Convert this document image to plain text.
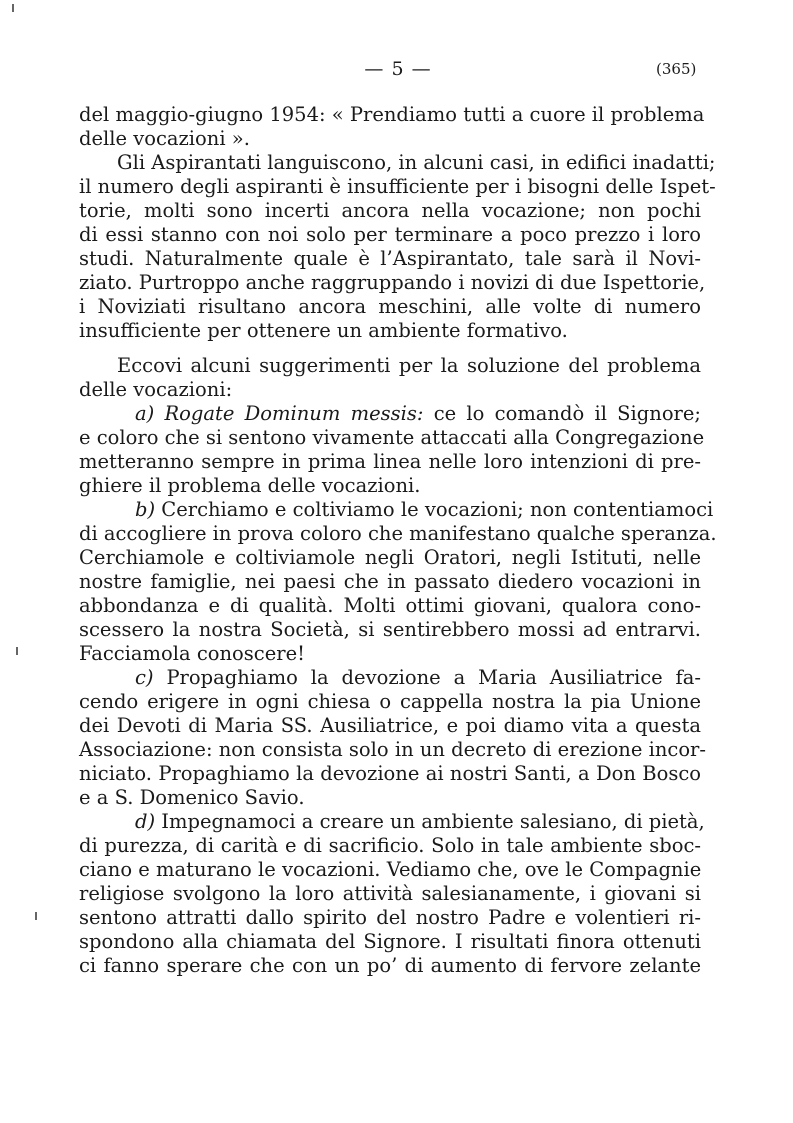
— 5 —	(365)
del maggio-giugno 1954: « Prendiamo tutti a cuore il problema
delle vocazioni ».
Gli Aspirantati languiscono, in alcuni casi, in edifici inadatti;
il numero degli aspiranti è insufficiente per i bisogni delle Ispet-
torie, molti sono incerti ancora nella vocazione; non pochi
di essi stanno con noi solo per terminare a poco prezzo i loro
studi. Naturalmente quale è l’Aspirantato, tale sarà il Novi-
ziato. Purtroppo anche raggruppando i novizi di due Ispettorie,
i Noviziati risultano ancora meschini, alle volte di numero
insufficiente per ottenere un ambiente formativo.
Eccovi alcuni suggerimenti per la soluzione del problema
delle vocazioni:
a) Rogate Dominum messis: ce lo comandò il Signore;
e coloro che si sentono vivamente attaccati alla Congregazione
metteranno sempre in prima linea nelle loro intenzioni di pre-
ghiere il problema delle vocazioni.
b) Cerchiamo e coltiviamo le vocazioni; non contentiamoci
di accogliere in prova coloro che manifestano qualche speranza.
Cerchiamole e coltiviamole negli Oratori, negli Istituti, nelle
nostre famiglie, nei paesi che in passato diedero vocazioni in
abbondanza e di qualità. Molti ottimi giovani, qualora cono-
scessero la nostra Società, si sentirebbero mossi ad entrarvi.
Facciamola conoscere!
c) Propaghiamo la devozione a Maria Ausiliatrice fa-
cendo erigere in ogni chiesa o cappella nostra la pia Unione
dei Devoti di Maria SS. Ausiliatrice, e poi diamo vita a questa
Associazione: non consista solo in un decreto di erezione incor-
niciato. Propaghiamo la devozione ai nostri Santi, a Don Bosco
e a S. Domenico Savio.
d) Impegnamoci a creare un ambiente salesiano, di pietà,
di purezza, di carità e di sacrificio. Solo in tale ambiente sboc-
ciano e maturano le vocazioni. Vediamo che, ove le Compagnie
religiose svolgono la loro attività salesianamente, i giovani si
sentono attratti dallo spirito del nostro Padre e volentieri ri-
spondono alla chiamata del Signore. I risultati finora ottenuti
ci fanno sperare che con un po’ di aumento di fervore zelante
